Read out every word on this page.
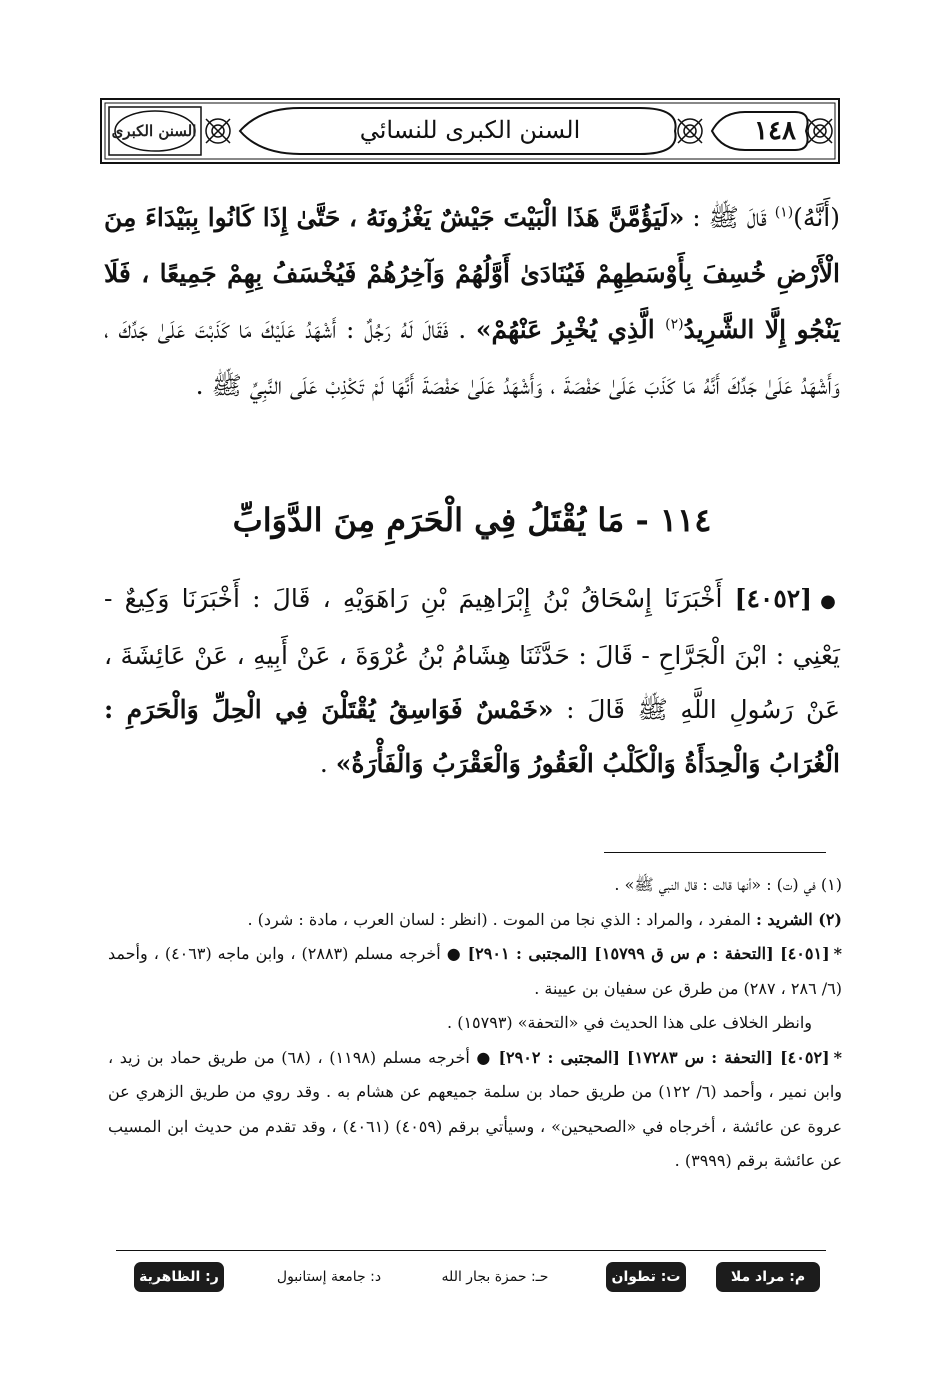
السنن الكبرى	السنن الكبرى للنسائي	١٤٨

(أَنَّهُ)$^{(١)}$ قَالَ ﷺ : «لَيَؤُمَّنَّ هَذَا الْبَيْتَ جَيْشٌ يَغْزُونَهُ ، حَتَّىٰ إِذَا كَانُوا بِبَيْدَاءَ مِنَ الْأَرْضِ خُسِفَ بِأَوْسَطِهِمْ فَيُنَادَىٰ أَوَّلُهُمْ وَآخِرُهُمْ فَيُخْسَفُ بِهِمْ جَمِيعًا ، فَلَا يَنْجُو إِلَّا الشَّرِيدُ$^{(٢)}$ الَّذِي يُخْبِرُ عَنْهُمْ» . فَقَالَ لَهُ رَجُلٌ : أَشْهَدُ عَلَيْكَ مَا كَذَبْتَ عَلَىٰ جَدِّكَ ، وَأَشْهَدُ عَلَىٰ جَدِّكَ أَنَّهُ مَا كَذَبَ عَلَىٰ حَفْصَةَ ، وَأَشْهَدُ عَلَىٰ حَفْصَةَ أَنَّهَا لَمْ تَكْذِبْ عَلَى النَّبِيِّ ﷺ .

١١٤ - مَا يُقْتَلُ فِي الْحَرَمِ مِنَ الدَّوَابِّ

●[٤٠٥٢] أَخْبَرَنَا إِسْحَاقُ بْنُ إِبْرَاهِيمَ بْنِ رَاهَوَيْهِ ، قَالَ : أَخْبَرَنَا وَكِيعٌ - يَعْنِي : ابْنَ الْجَرَّاحِ - قَالَ : حَدَّثَنَا هِشَامُ بْنُ عُرْوَةَ ، عَنْ أَبِيهِ ، عَنْ عَائِشَةَ ، عَنْ رَسُولِ اللَّهِ ﷺ قَالَ : «خَمْسٌ فَوَاسِقُ يُقْتَلْنَ فِي الْحِلِّ وَالْحَرَمِ : الْغُرَابُ وَالْحِدَأَةُ وَالْكَلْبُ الْعَقُورُ وَالْعَقْرَبُ وَالْفَأْرَةُ» .

(١) في (ت) : «أنها قالت : قال النبي ﷺ» .

(٢) الشريد : المفرد ، والمراد : الذي نجا من الموت . (انظر : لسان العرب ، مادة : شرد) .

*[٤٠٥١] [التحفة : م س ق ١٥٧٩٩] [المجتبى : ٢٩٠١] ● أخرجه مسلم (٢٨٨٣) ، وابن ماجه (٤٠٦٣) ، وأحمد (٦/ ٢٨٦ ، ٢٨٧) من طرق عن سفيان بن عيينة .

وانظر الخلاف على هذا الحديث في «التحفة» (١٥٧٩٣) .

*[٤٠٥٢] [التحفة : س ١٧٢٨٣] [المجتبى : ٢٩٠٢] ● أخرجه مسلم (١١٩٨) ، (٦٨) من طريق حماد بن زيد ، وابن نمير ، وأحمد (٦/ ١٢٢) من طريق حماد بن سلمة جميعهم عن هشام به . وقد روي من طريق الزهري عن عروة عن عائشة ، أخرجاه في «الصحيحين» ، وسيأتي برقم (٤٠٥٩) (٤٠٦١) ، وقد تقدم من حديث ابن المسيب عن عائشة برقم (٣٩٩٩) .

م: مراد ملا
ت: تطوان
حـ: حمزة بجار الله
د: جامعة إستانبول
ر: الظاهرية
